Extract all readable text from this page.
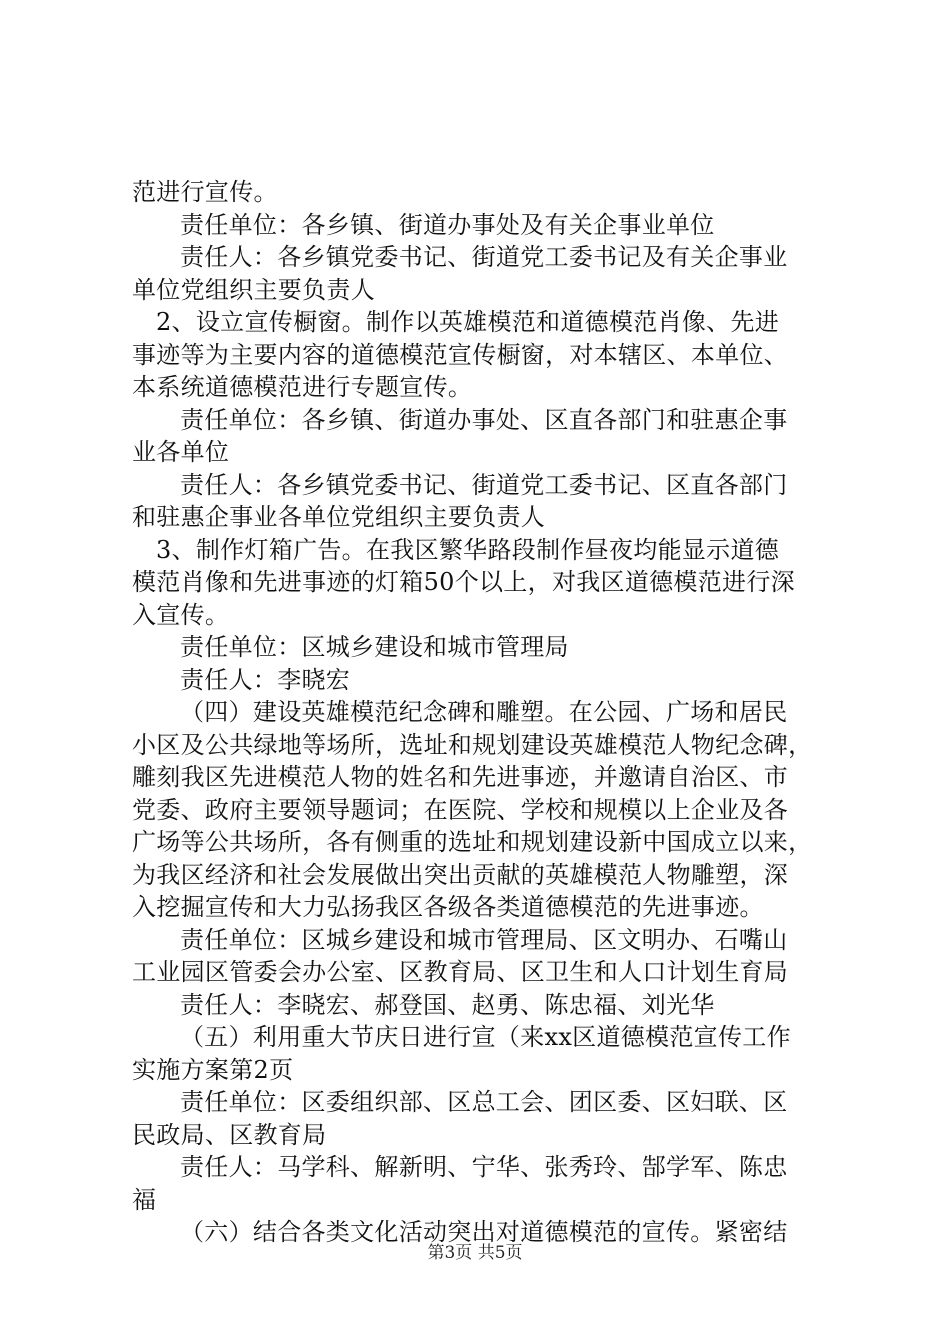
范进行宣传。
责任单位：各乡镇、街道办事处及有关企事业单位
责任人：各乡镇党委书记、街道党工委书记及有关企事业
单位党组织主要负责人
2、设立宣传橱窗。制作以英雄模范和道德模范肖像、先进
事迹等为主要内容的道德模范宣传橱窗，对本辖区、本单位、
本系统道德模范进行专题宣传。
责任单位：各乡镇、街道办事处、区直各部门和驻惠企事
业各单位
责任人：各乡镇党委书记、街道党工委书记、区直各部门
和驻惠企事业各单位党组织主要负责人
3、制作灯箱广告。在我区繁华路段制作昼夜均能显示道德
模范肖像和先进事迹的灯箱50个以上，对我区道德模范进行深
入宣传。
责任单位：区城乡建设和城市管理局
责任人：李晓宏
（四）建设英雄模范纪念碑和雕塑。在公园、广场和居民
小区及公共绿地等场所，选址和规划建设英雄模范人物纪念碑，
雕刻我区先进模范人物的姓名和先进事迹，并邀请自治区、市
党委、政府主要领导题词；在医院、学校和规模以上企业及各
广场等公共场所，各有侧重的选址和规划建设新中国成立以来，
为我区经济和社会发展做出突出贡献的英雄模范人物雕塑，深
入挖掘宣传和大力弘扬我区各级各类道德模范的先进事迹。
责任单位：区城乡建设和城市管理局、区文明办、石嘴山
工业园区管委会办公室、区教育局、区卫生和人口计划生育局
责任人：李晓宏、郝登国、赵勇、陈忠福、刘光华
（五）利用重大节庆日进行宣（来xx区道德模范宣传工作
实施方案第2页
责任单位：区委组织部、区总工会、团区委、区妇联、区
民政局、区教育局
责任人：马学科、解新明、宁华、张秀玲、郜学军、陈忠
福
（六）结合各类文化活动突出对道德模范的宣传。紧密结
第3页 共5页
